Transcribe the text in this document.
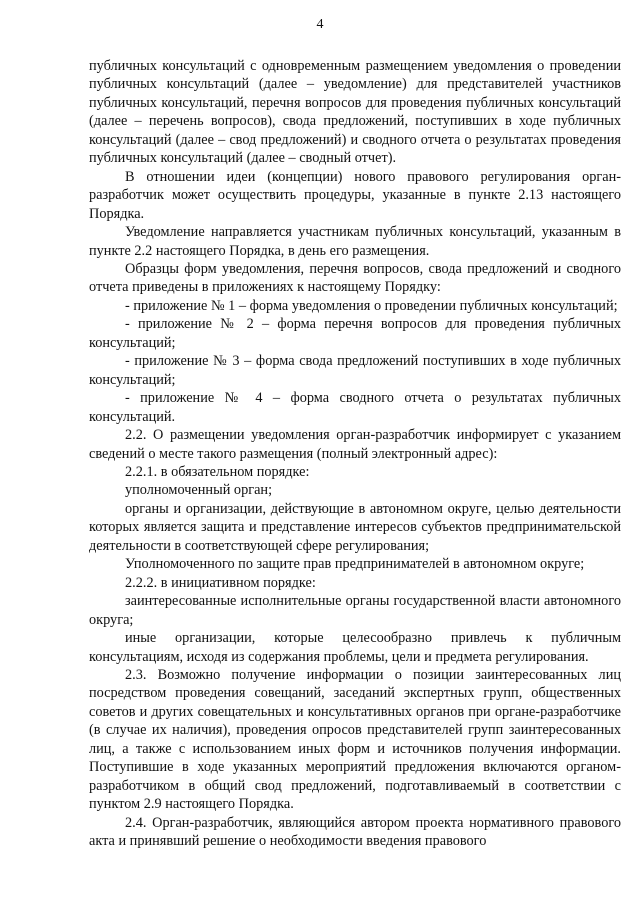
4

публичных консультаций с одновременным размещением уведомления о проведении публичных консультаций (далее – уведомление) для представителей участников публичных консультаций, перечня вопросов для проведения публичных консультаций (далее – перечень вопросов), свода предложений, поступивших в ходе публичных консультаций (далее – свод предложений) и сводного отчета о результатах проведения публичных консультаций (далее – сводный отчет).

В отношении идеи (концепции) нового правового регулирования орган-разработчик может осуществить процедуры, указанные в пункте 2.13 настоящего Порядка.

Уведомление направляется участникам публичных консультаций, указанным в пункте 2.2 настоящего Порядка, в день его размещения.

Образцы форм уведомления, перечня вопросов, свода предложений и сводного отчета приведены в приложениях к настоящему Порядку:

- приложение № 1 – форма уведомления о проведении публичных консультаций;

- приложение № 2 – форма перечня вопросов для проведения публичных консультаций;

- приложение № 3 – форма свода предложений поступивших в ходе публичных консультаций;

- приложение № 4 – форма сводного отчета о результатах публичных консультаций.

2.2. О размещении уведомления орган-разработчик информирует с указанием сведений о месте такого размещения (полный электронный адрес):

2.2.1. в обязательном порядке:

уполномоченный орган;

органы и организации, действующие в автономном округе, целью деятельности которых является защита и представление интересов субъектов предпринимательской деятельности в соответствующей сфере регулирования;

Уполномоченного по защите прав предпринимателей в автономном округе;

2.2.2. в инициативном порядке:

заинтересованные исполнительные органы государственной власти автономного округа;

иные организации, которые целесообразно привлечь к публичным консультациям, исходя из содержания проблемы, цели и предмета регулирования.

2.3. Возможно получение информации о позиции заинтересованных лиц посредством проведения совещаний, заседаний экспертных групп, общественных советов и других совещательных и консультативных органов при органе-разработчике (в случае их наличия), проведения опросов представителей групп заинтересованных лиц, а также с использованием иных форм и источников получения информации. Поступившие в ходе указанных мероприятий предложения включаются органом-разработчиком в общий свод предложений, подготавливаемый в соответствии с пунктом 2.9 настоящего Порядка.

2.4. Орган-разработчик, являющийся автором проекта нормативного правового акта и принявший решение о необходимости введения правового
